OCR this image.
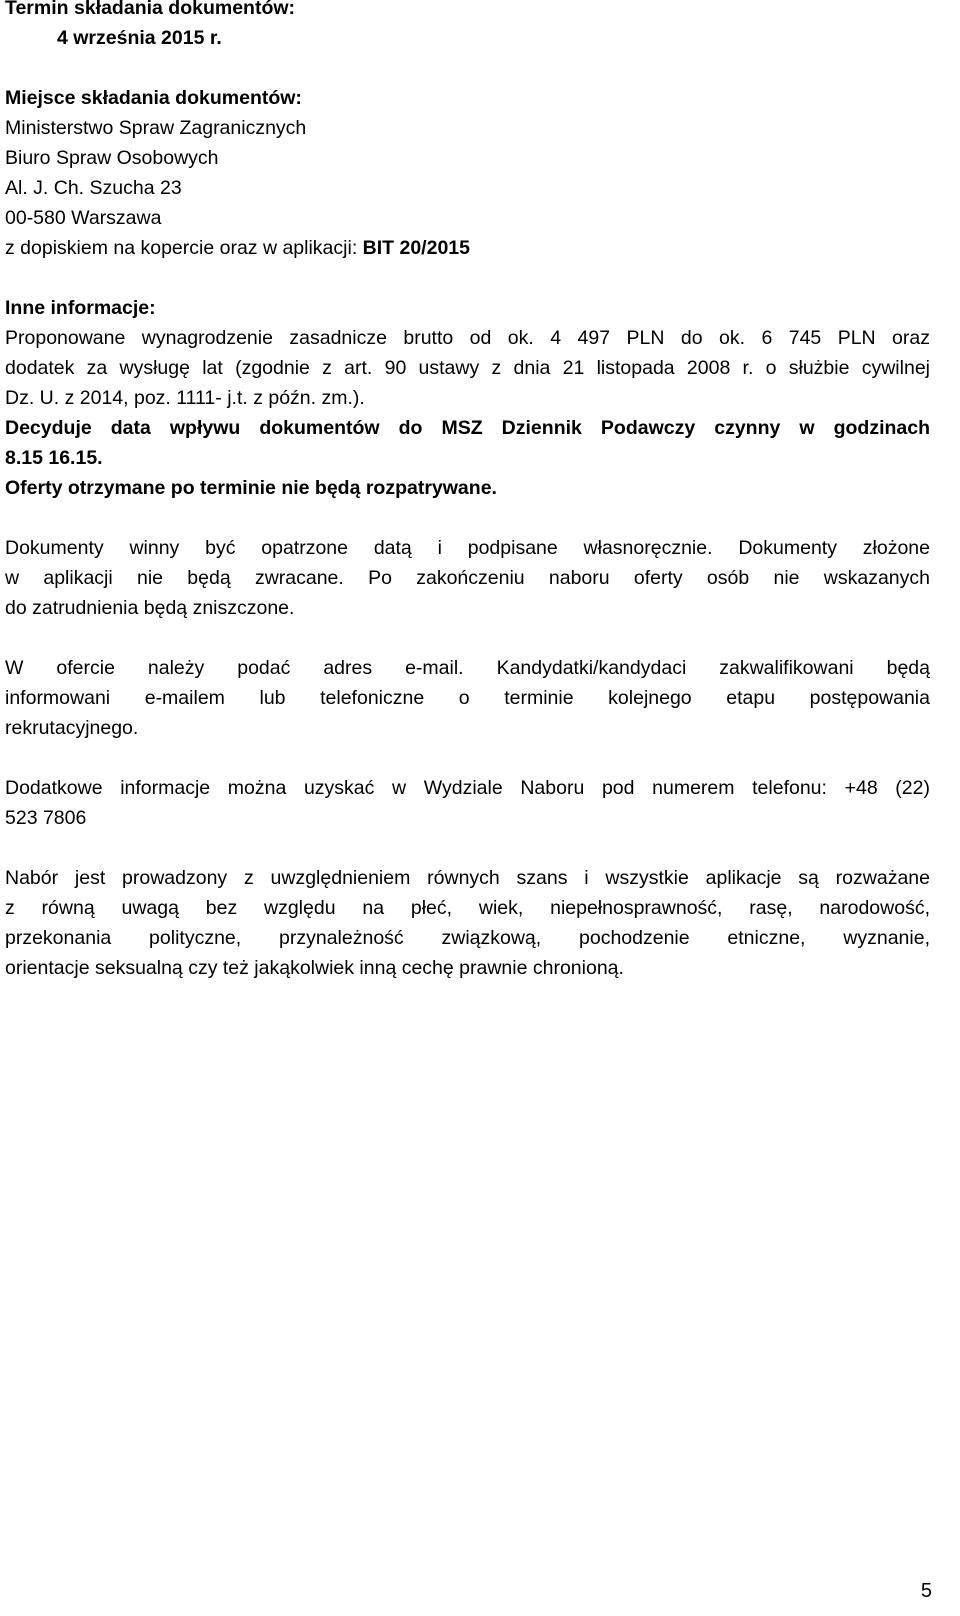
Termin składania dokumentów:
4 września 2015 r.
Miejsce składania dokumentów:
Ministerstwo Spraw Zagranicznych
Biuro Spraw Osobowych
Al. J. Ch. Szucha 23
00-580 Warszawa
z dopiskiem na kopercie oraz w aplikacji: BIT 20/2015
Inne informacje:
Proponowane wynagrodzenie zasadnicze brutto od ok. 4 497 PLN do ok. 6 745 PLN oraz
dodatek za wysługę lat (zgodnie z art. 90 ustawy z dnia 21 listopada 2008 r. o służbie cywilnej
Dz. U. z 2014, poz. 1111- j.t. z późn. zm.).
Decyduje data wpływu dokumentów do MSZ Dziennik Podawczy czynny w godzinach
8.15 16.15.
Oferty otrzymane po terminie nie będą rozpatrywane.
Dokumenty winny być opatrzone datą i podpisane własnoręcznie. Dokumenty złożone
w aplikacji nie będą zwracane. Po zakończeniu naboru oferty osób nie wskazanych
do zatrudnienia będą zniszczone.
W ofercie należy podać adres e-mail. Kandydatki/kandydaci zakwalifikowani będą
informowani e-mailem lub telefoniczne o terminie kolejnego etapu postępowania
rekrutacyjnego.
Dodatkowe informacje można uzyskać w Wydziale Naboru pod numerem telefonu: +48 (22)
523 7806
Nabór jest prowadzony z uwzględnieniem równych szans i wszystkie aplikacje są rozważane
z równą uwagą bez względu na płeć, wiek, niepełnosprawność, rasę, narodowość,
przekonania polityczne, przynależność związkową, pochodzenie etniczne, wyznanie,
orientacje seksualną czy też jakąkolwiek inną cechę prawnie chronioną.
5
